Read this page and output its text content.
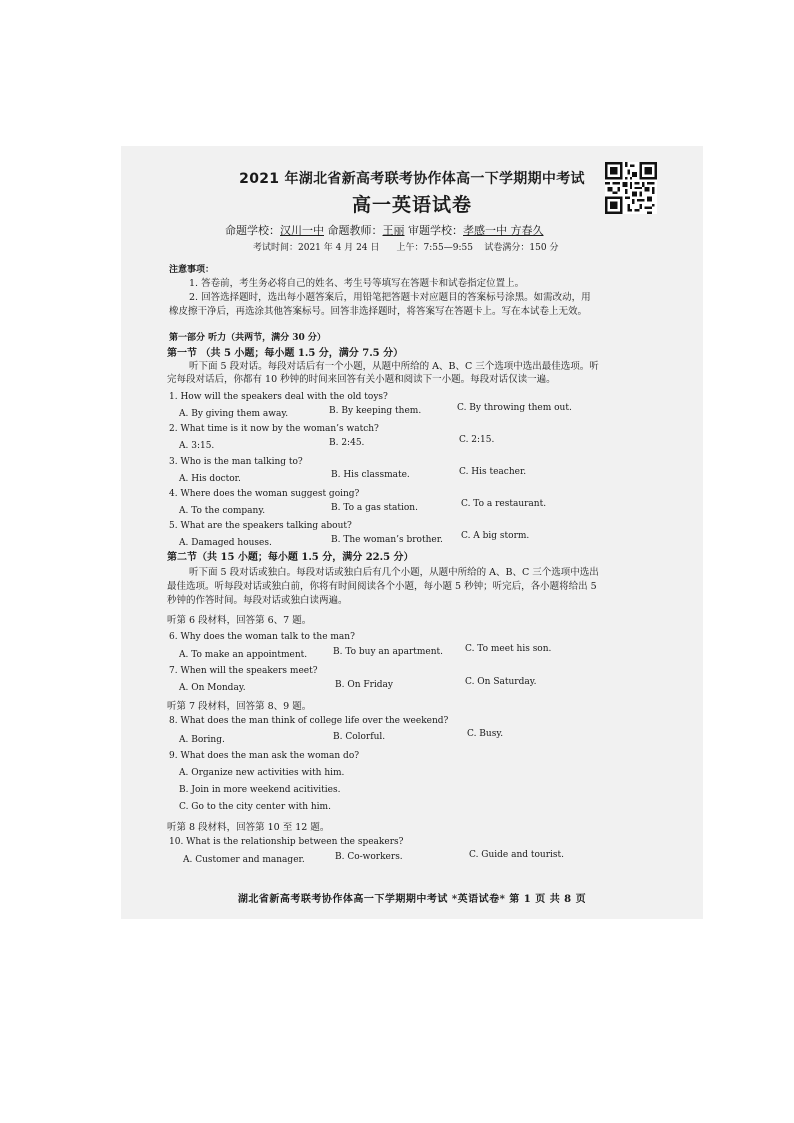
2021 年湖北省新高考联考协作体高一下学期期中考试
高一英语试卷
命题学校：汉川一中 命题教师：王丽 审题学校：孝感一中 方春久
考试时间：2021 年 4 月 24 日      上午：7:55—9:55    试卷满分：150 分
注意事项：
1. 答卷前，考生务必将自己的姓名、考生号等填写在答题卡和试卷指定位置上。
2. 回答选择题时，选出每小题答案后，用铅笔把答题卡对应题目的答案标号涂黑。如需改动，用
橡皮擦干净后，再选涂其他答案标号。回答非选择题时，将答案写在答题卡上。写在本试卷上无效。
第一部分 听力（共两节，满分 30 分）
第一节 （共 5 小题；每小题 1.5 分，满分 7.5 分）
听下面 5 段对话。每段对话后有一个小题，从题中所给的 A、B、C 三个选项中选出最佳选项。听
完每段对话后，你都有 10 秒钟的时间来回答有关小题和阅读下一小题。每段对话仅读一遍。
1. How will the speakers deal with the old toys?
A. By giving them away.	B. By keeping them.	C. By throwing them out.
2. What time is it now by the woman’s watch?
A. 3:15.	B. 2:45.	C. 2:15.
3. Who is the man talking to?
A. His doctor.	B. His classmate.	C. His teacher.
4. Where does the woman suggest going?
A. To the company.	B. To a gas station.	C. To a restaurant.
5. What are the speakers talking about?
A. Damaged houses.	B. The woman’s brother. C. A big storm.
第二节（共 15 小题；每小题 1.5 分，满分 22.5 分）
听下面 5 段对话或独白。每段对话或独白后有几个小题，从题中所给的 A、B、C 三个选项中选出
最佳选项。听每段对话或独白前，你将有时间阅读各个小题，每小题 5 秒钟；听完后，各小题将给出 5
秒钟的作答时间。每段对话或独白读两遍。
听第 6 段材料，回答第 6、7 题。
6. Why does the woman talk to the man?
A. To make an appointment.	B. To buy an apartment. C. To meet his son.
7. When will the speakers meet?
A. On Monday.	B. On Friday	C. On Saturday.
听第 7 段材料，回答第 8、9 题。
8. What does the man think of college life over the weekend?
A. Boring.	B. Colorful.	C. Busy.
9. What does the man ask the woman do?
A. Organize new activities with him.
B. Join in more weekend acitivities.
C. Go to the city center with him.
听第 8 段材料，回答第 10 至 12 题。
10. What is the relationship between the speakers?
A. Customer and manager.	B. Co-workers.	C. Guide and tourist.
湖北省新高考联考协作体高一下学期期中考试 *英语试卷* 第 1 页 共 8 页
